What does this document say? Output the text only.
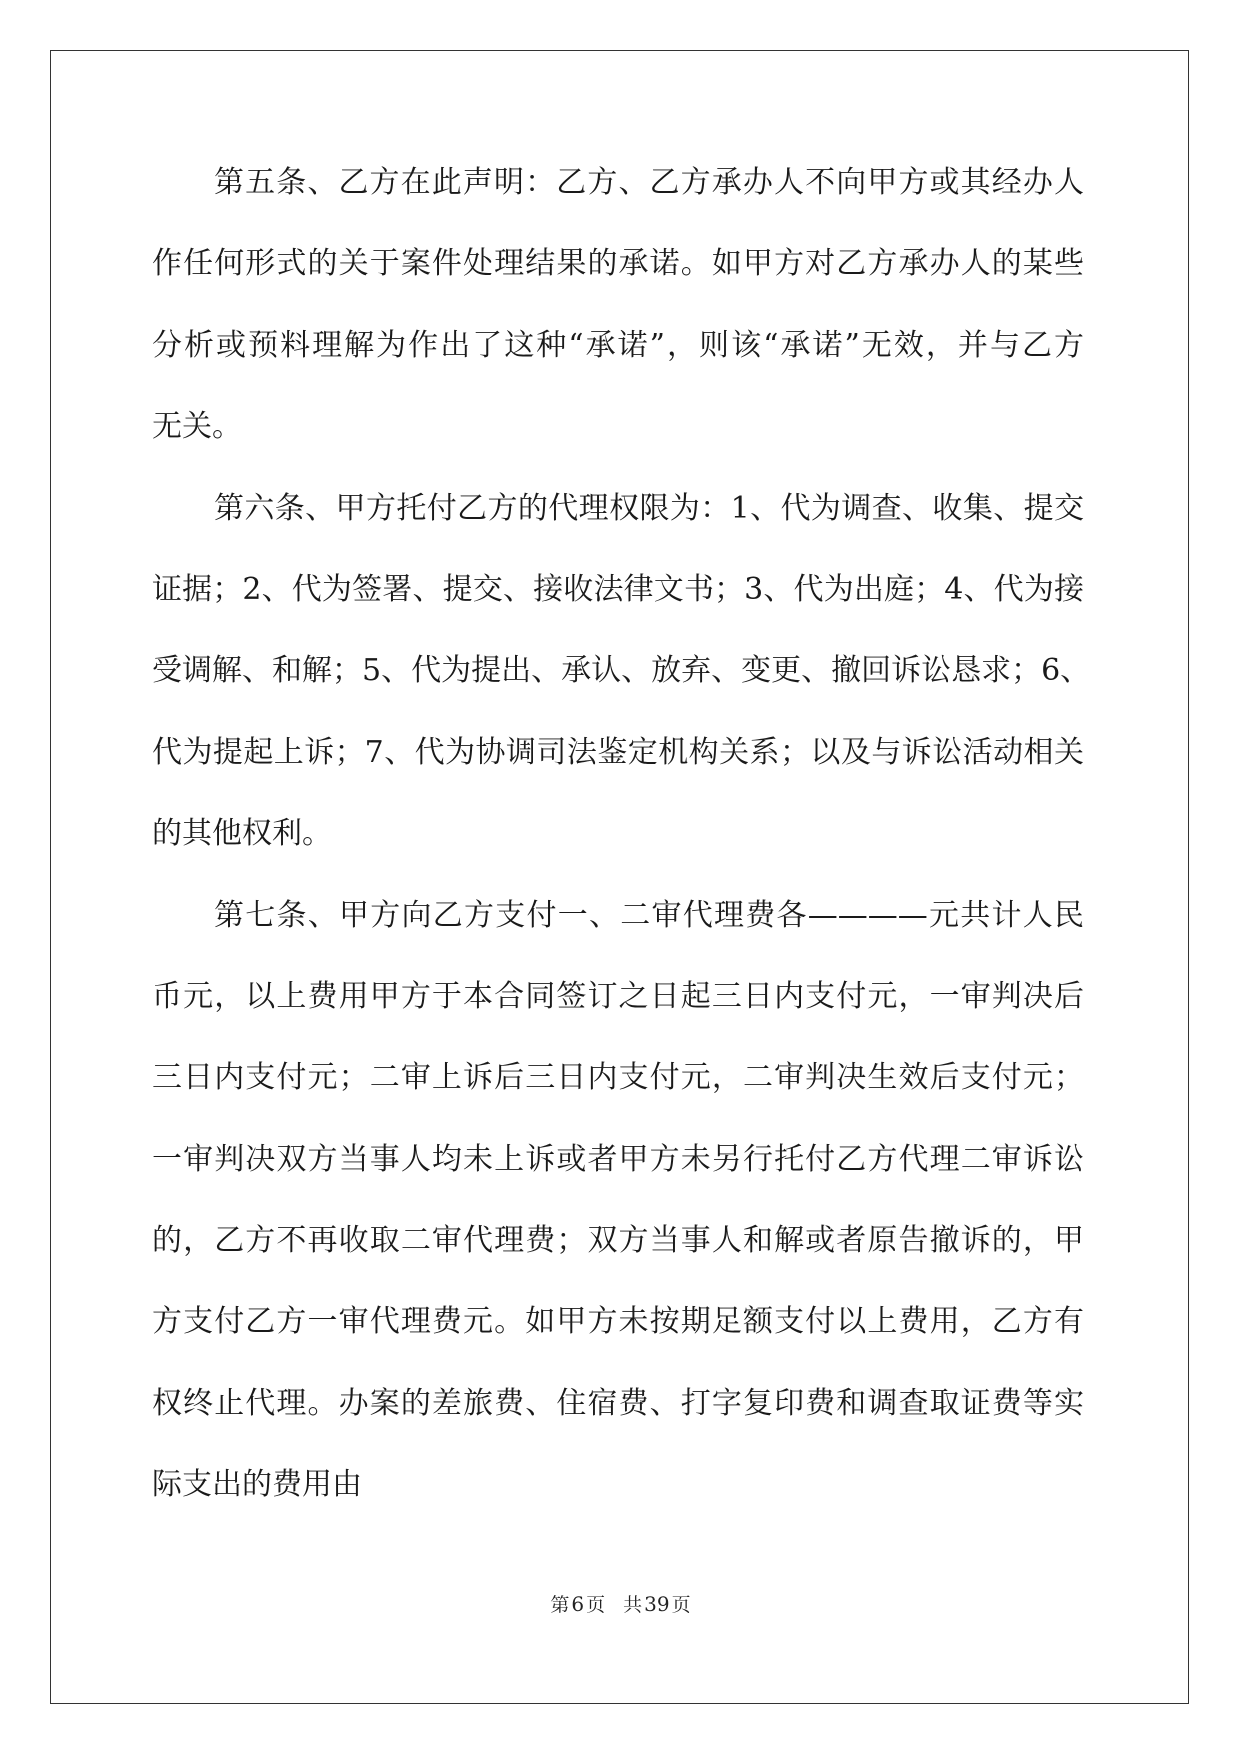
第五条、乙方在此声明：乙方、乙方承办人不向甲方或其经办人
作任何形式的关于案件处理结果的承诺。如甲方对乙方承办人的某些
分析或预料理解为作出了这种“承诺”，则该“承诺”无效，并与乙方
无关。
第六条、甲方托付乙方的代理权限为：1、代为调查、收集、提交
证据；2、代为签署、提交、接收法律文书；3、代为出庭；4、代为接
受调解、和解；5、代为提出、承认、放弃、变更、撤回诉讼恳求；6、
代为提起上诉；7、代为协调司法鉴定机构关系；以及与诉讼活动相关
的其他权利。
第七条、甲方向乙方支付一、二审代理费各————元共计人民
币元，以上费用甲方于本合同签订之日起三日内支付元，一审判决后
三日内支付元；二审上诉后三日内支付元，二审判决生效后支付元；
一审判决双方当事人均未上诉或者甲方未另行托付乙方代理二审诉讼
的，乙方不再收取二审代理费；双方当事人和解或者原告撤诉的，甲
方支付乙方一审代理费元。如甲方未按期足额支付以上费用，乙方有
权终止代理。办案的差旅费、住宿费、打字复印费和调查取证费等实
际支出的费用由
第 6 页 共 39 页
